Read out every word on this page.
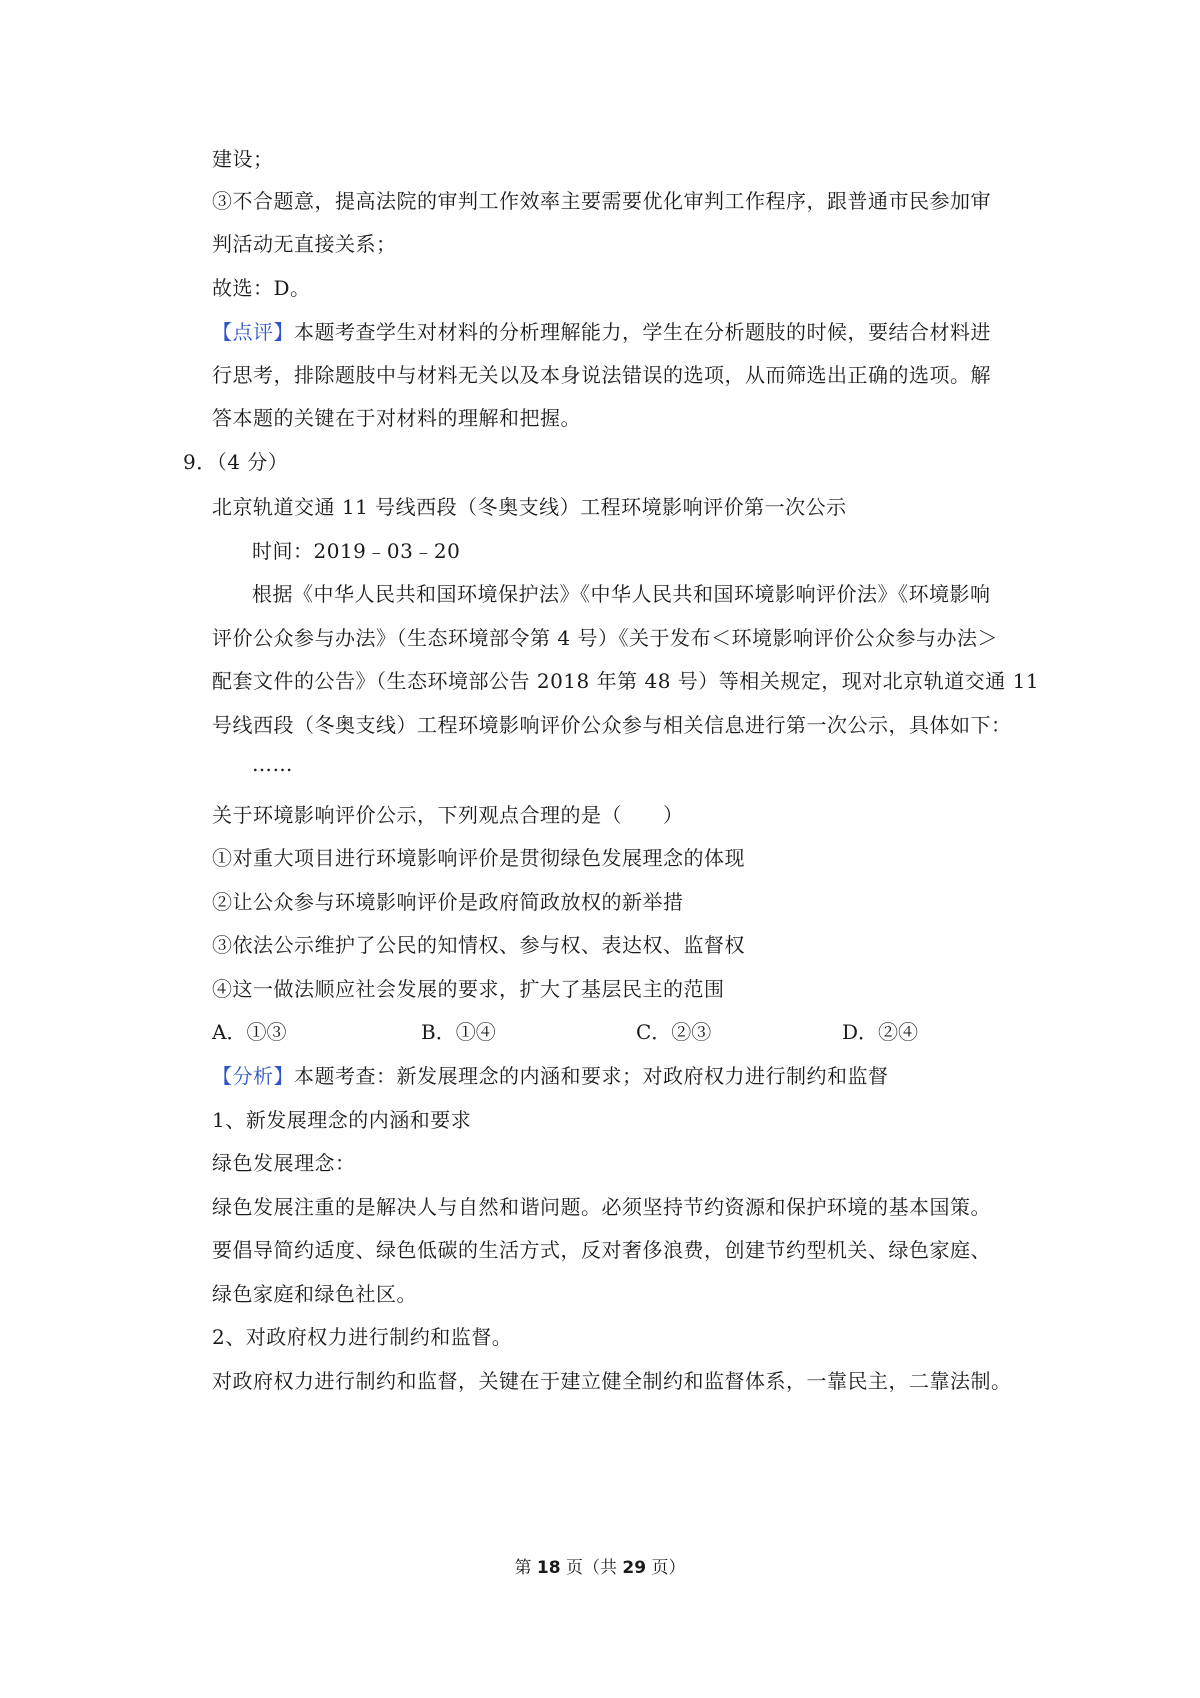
建设；
③不合题意，提高法院的审判工作效率主要需要优化审判工作程序，跟普通市民参加审
判活动无直接关系；
故选：D。
【点评】本题考查学生对材料的分析理解能力，学生在分析题肢的时候，要结合材料进
行思考，排除题肢中与材料无关以及本身说法错误的选项，从而筛选出正确的选项。解
答本题的关键在于对材料的理解和把握。
9．（4 分）
北京轨道交通 11 号线西段（冬奥支线）工程环境影响评价第一次公示
时间：2019﹣03﹣20
根据《中华人民共和国环境保护法》《中华人民共和国环境影响评价法》《环境影响
评价公众参与办法》（生态环境部令第 4 号）《关于发布＜环境影响评价公众参与办法＞
配套文件的公告》（生态环境部公告 2018 年第 48 号）等相关规定，现对北京轨道交通 11
号线西段（冬奥支线）工程环境影响评价公众参与相关信息进行第一次公示，具体如下：
……
关于环境影响评价公示，下列观点合理的是（　　）
①对重大项目进行环境影响评价是贯彻绿色发展理念的体现
②让公众参与环境影响评价是政府简政放权的新举措
③依法公示维护了公民的知情权、参与权、表达权、监督权
④这一做法顺应社会发展的要求，扩大了基层民主的范围
A．①③	B．①④	C．②③	D．②④
【分析】本题考查：新发展理念的内涵和要求；对政府权力进行制约和监督
1、新发展理念的内涵和要求
绿色发展理念：
绿色发展注重的是解决人与自然和谐问题。必须坚持节约资源和保护环境的基本国策。
要倡导简约适度、绿色低碳的生活方式，反对奢侈浪费，创建节约型机关、绿色家庭、
绿色家庭和绿色社区。
2、对政府权力进行制约和监督。
对政府权力进行制约和监督，关键在于建立健全制约和监督体系，一靠民主，二靠法制。
第 18 页（共 29 页）
